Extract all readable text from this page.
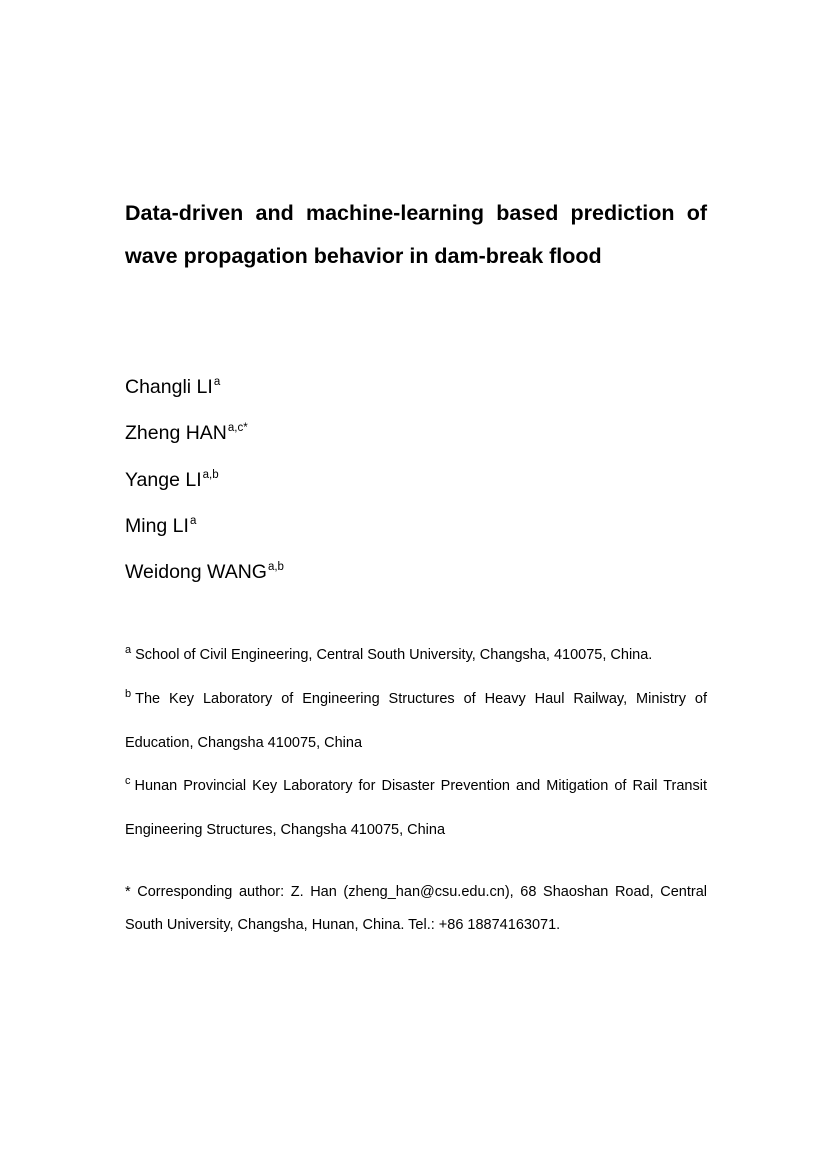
Data-driven and machine-learning based prediction of
wave propagation behavior in dam-break flood
Changli $LI^a$
Zheng $HAN^{a,c*}$
Yange LI$^{a,b}$
Ming $LI^a$
Weidong WANG$^{a,b}$
$^a$ School of Civil Engineering, Central South University, Changsha, 410075, China.
$^b$ The Key Laboratory of Engineering Structures of Heavy Haul Railway, Ministry of
Education, Changsha 410075, China
$^c$ Hunan Provincial Key Laboratory for Disaster Prevention and Mitigation of Rail Transit
Engineering Structures, Changsha 410075, China
* Corresponding author: Z. Han (zheng_han@csu.edu.cn), 68 Shaoshan Road, Central
South University, Changsha, Hunan, China. Tel.: +86 18874163071.
